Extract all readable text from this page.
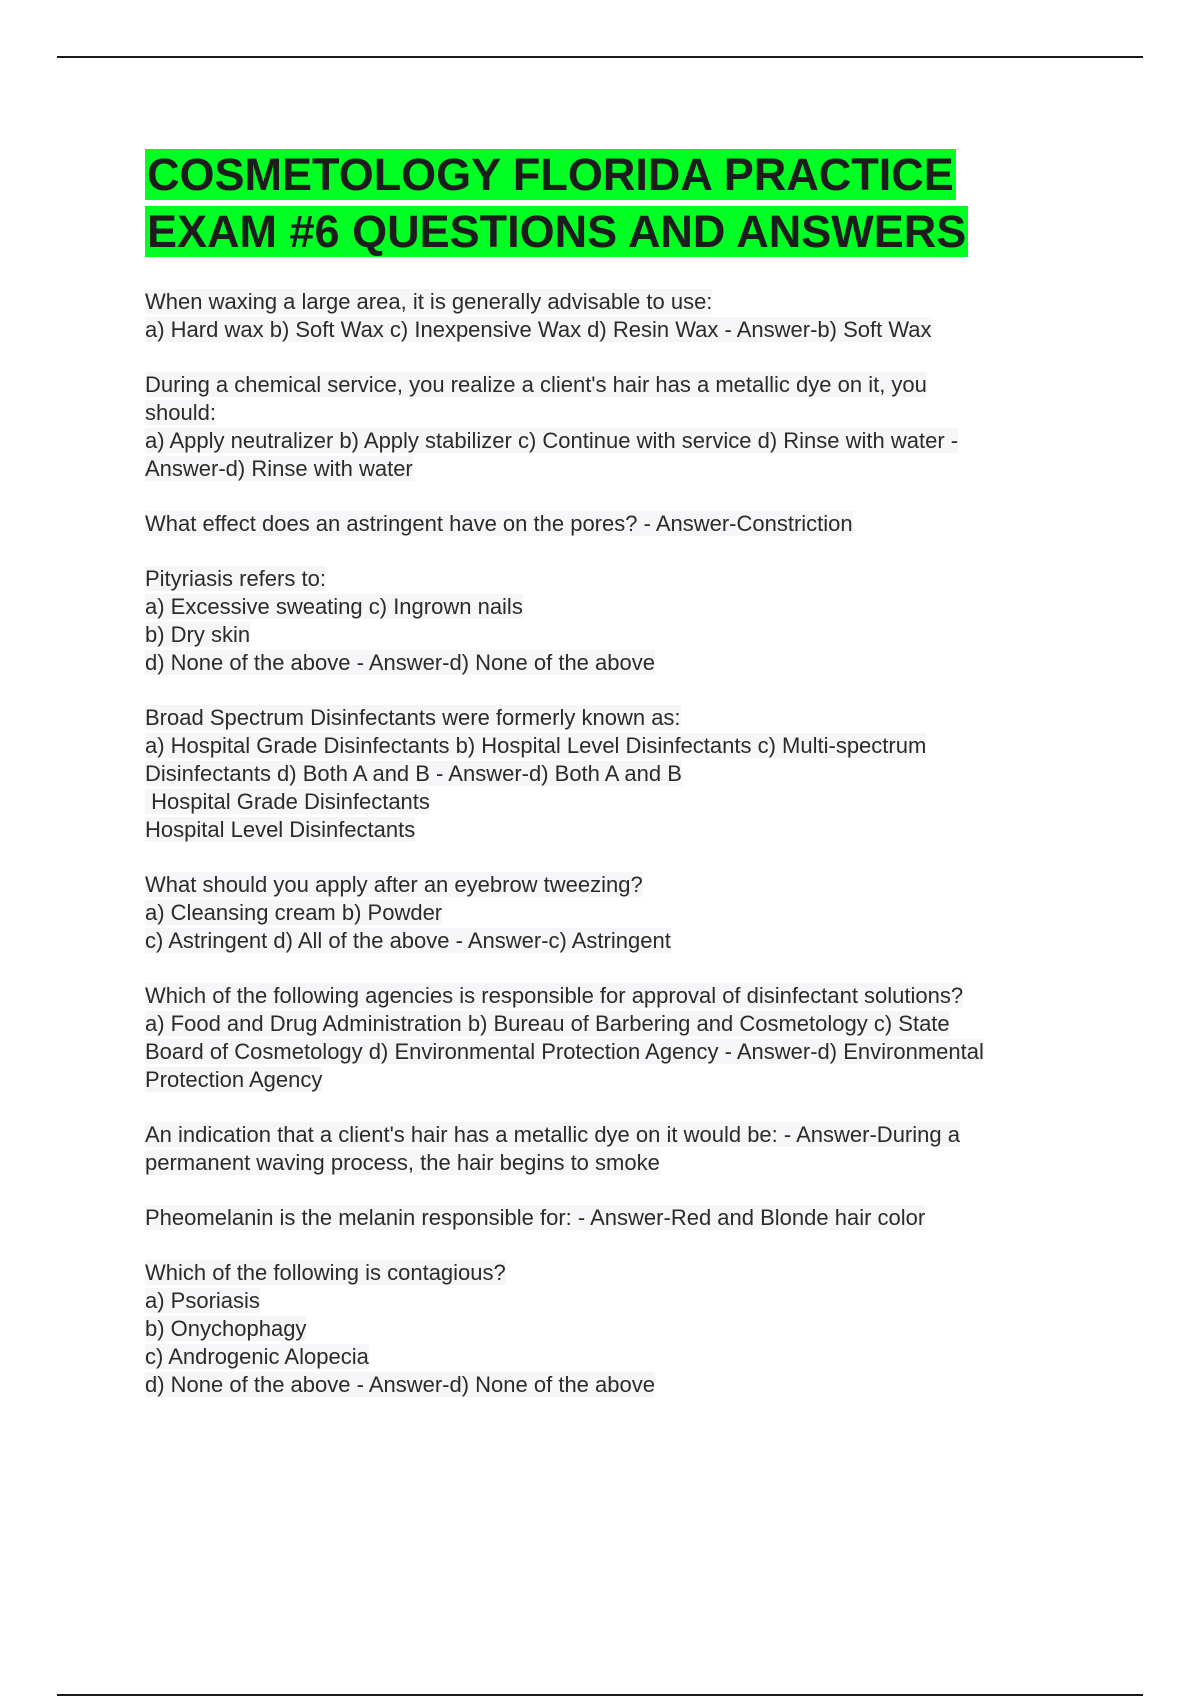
COSMETOLOGY FLORIDA PRACTICE EXAM #6 QUESTIONS AND ANSWERS
When waxing a large area, it is generally advisable to use:
a) Hard wax b) Soft Wax c) Inexpensive Wax d) Resin Wax - Answer-b) Soft Wax
During a chemical service, you realize a client's hair has a metallic dye on it, you
should:
a) Apply neutralizer b) Apply stabilizer c) Continue with service d) Rinse with water -
Answer-d) Rinse with water
What effect does an astringent have on the pores? - Answer-Constriction
Pityriasis refers to:
a) Excessive sweating c) Ingrown nails
b) Dry skin
d) None of the above - Answer-d) None of the above
Broad Spectrum Disinfectants were formerly known as:
a) Hospital Grade Disinfectants b) Hospital Level Disinfectants c) Multi-spectrum
Disinfectants d) Both A and B - Answer-d) Both A and B
Hospital Grade Disinfectants
Hospital Level Disinfectants
What should you apply after an eyebrow tweezing?
a) Cleansing cream b) Powder
c) Astringent d) All of the above - Answer-c) Astringent
Which of the following agencies is responsible for approval of disinfectant solutions?
a) Food and Drug Administration b) Bureau of Barbering and Cosmetology c) State
Board of Cosmetology d) Environmental Protection Agency - Answer-d) Environmental
Protection Agency
An indication that a client's hair has a metallic dye on it would be: - Answer-During a
permanent waving process, the hair begins to smoke
Pheomelanin is the melanin responsible for: - Answer-Red and Blonde hair color
Which of the following is contagious?
a) Psoriasis
b) Onychophagy
c) Androgenic Alopecia
d) None of the above - Answer-d) None of the above
